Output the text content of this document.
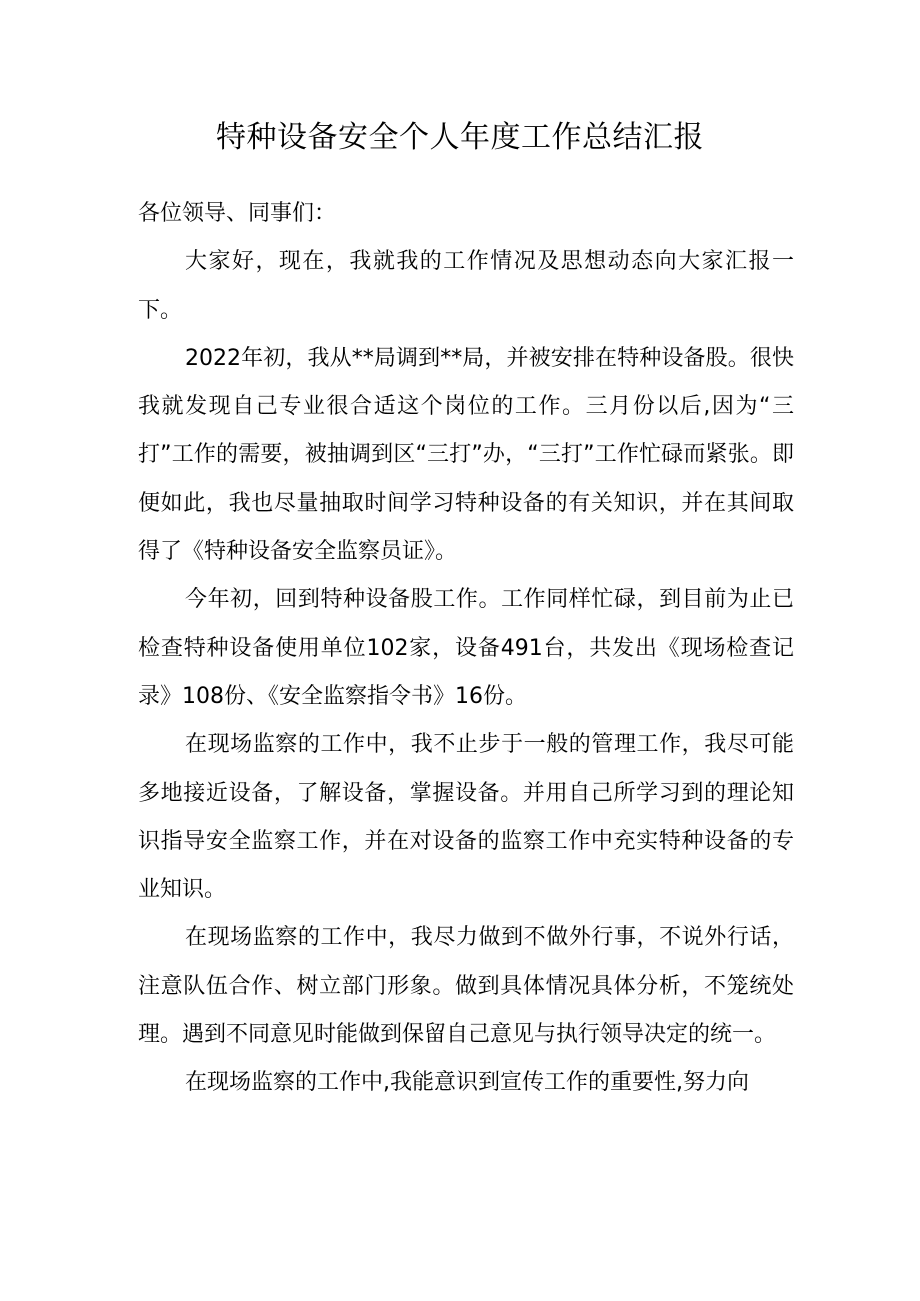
特种设备安全个人年度工作总结汇报

各位领导、同事们：

大家好，现在，我就我的工作情况及思想动态向大家汇报一下。

2022年初，我从**局调到**局，并被安排在特种设备股。很快我就发现自己专业很合适这个岗位的工作。三月份以后,因为“三打”工作的需要，被抽调到区“三打”办，“三打”工作忙碌而紧张。即便如此，我也尽量抽取时间学习特种设备的有关知识，并在其间取得了《特种设备安全监察员证》。

今年初，回到特种设备股工作。工作同样忙碌，到目前为止已检查特种设备使用单位102家，设备491台，共发出《现场检查记录》108份、《安全监察指令书》16份。

在现场监察的工作中，我不止步于一般的管理工作，我尽可能多地接近设备，了解设备，掌握设备。并用自己所学习到的理论知识指导安全监察工作，并在对设备的监察工作中充实特种设备的专业知识。

在现场监察的工作中，我尽力做到不做外行事，不说外行话，注意队伍合作、树立部门形象。做到具体情况具体分析，不笼统处理。遇到不同意见时能做到保留自己意见与执行领导决定的统一。

在现场监察的工作中,我能意识到宣传工作的重要性,努力向
